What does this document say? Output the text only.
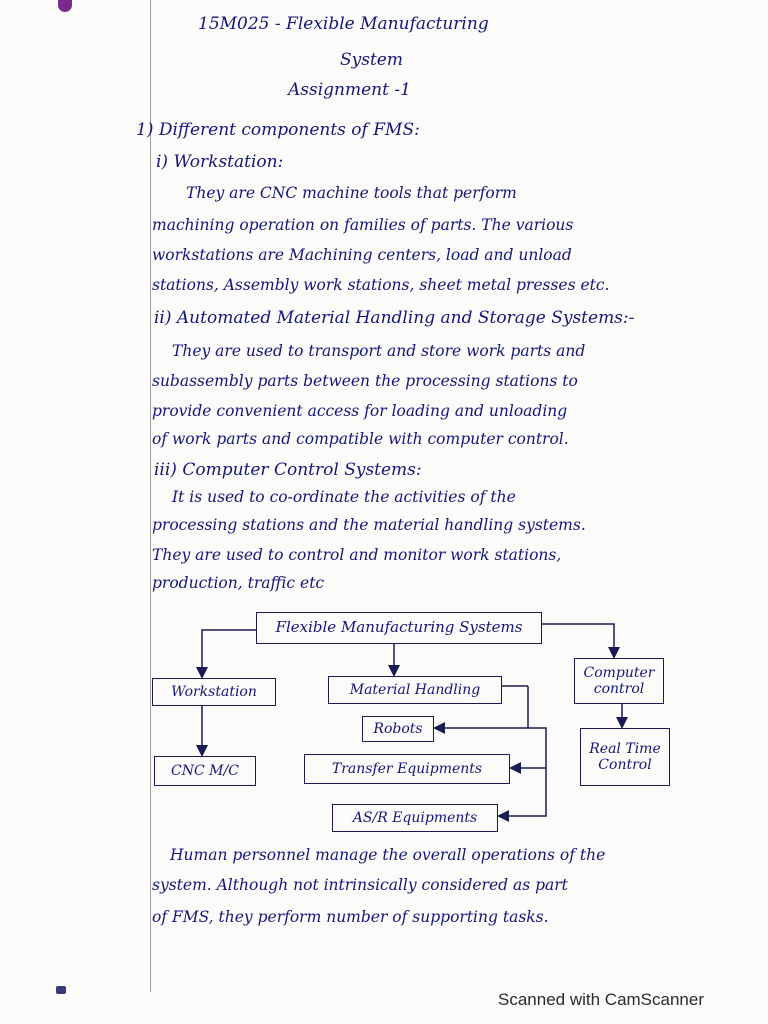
15M025 - Flexible Manufacturing
System
Assignment -1
1) Different components of FMS:
i) Workstation:
They are CNC machine tools that perform
machining operation on families of parts. The various
workstations are Machining centers, load and unload
stations, Assembly work stations, sheet metal presses etc.
ii) Automated Material Handling and Storage Systems:-
They are used to transport and store work parts and
subassembly parts between the processing stations to
provide convenient access for loading and unloading
of work parts and compatible with computer control.
iii) Computer Control Systems:
It is used to co-ordinate the activities of the
processing stations and the material handling systems.
They are used to control and monitor work stations,
production, traffic etc
Flexible Manufacturing Systems
Workstation	Material Handling
Computer control
CNC M/C
Robots
Transfer Equipments
Real Time Control
AS/R Equipments
Human personnel manage the overall operations of the
system. Although not intrinsically considered as part
of FMS, they perform number of supporting tasks.
Scanned with CamScanner
